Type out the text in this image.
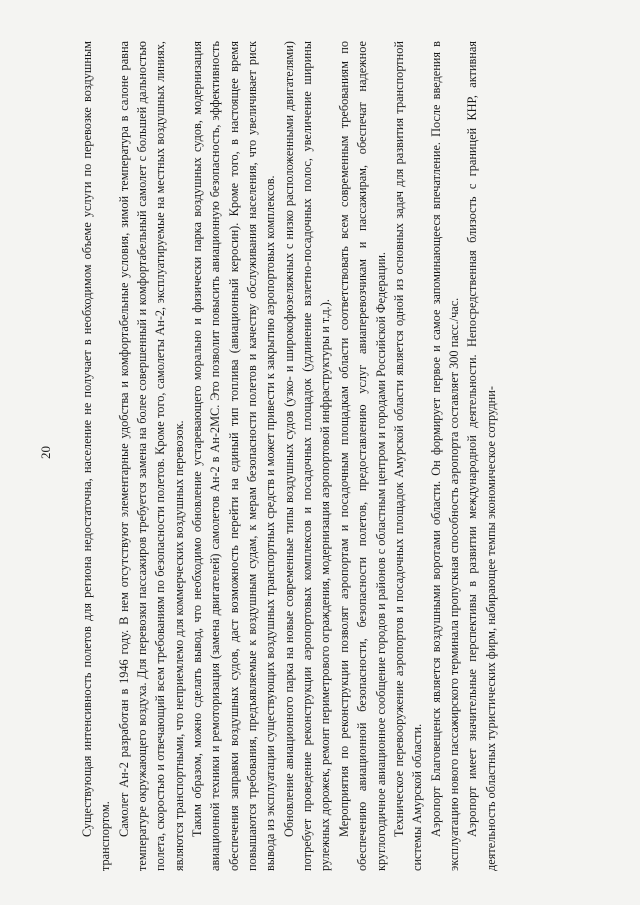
20 Существующая интенсивность полетов для региона недостаточна, население не получает в необходимом объеме услуги по перевозке воздушным транспортом. Самолет Ан-2 разработан в 1946 году. В нем отсутствуют элементарные удобства и комфортабельные условия, зимой температура в салоне равна температуре окружающего воздуха. Для перевозки пассажиров требуется замена на более совершенный и комфортабельный самолет с большей дальностью полета, скоростью и отвечающий всем требованиям по безопасности полетов. Кроме того, самолеты Ан-2, эксплуатируемые на местных воздушных линиях, являются транспортными, что неприемлемо для коммерческих воздушных перевозок. Таким образом, можно сделать вывод, что необходимо обновление устаревающего морально и физически парка воздушных судов, модернизация авиационной техники и ремоторизация (замена двигателей) самолетов Ан-2 в Ан-2МС. Это позволит повысить авиационную безопасность, эффективность обеспечения заправки воздушных судов, даст возможность перейти на единый тип топлива (авиационный керосин). Кроме того, в настоящее время повышаются требования, предъявляемые к воздушным судам, к мерам безопасности полетов и качеству обслуживания населения, что увеличивает риск вывода из эксплуатации существующих воздушных транспортных средств и может привести к закрытию аэропортовых комплексов. Обновление авиационного парка на новые современные типы воздушных судов (узко- и широкофюзеляжных с низко расположенными двигателями) потребует проведение реконструкции аэропортовых комплексов и посадочных площадок (удлинение взлетно-посадочных полос, увеличение ширины рулежных дорожек, ремонт периметрового ограждения, модернизация аэропортовой инфраструктуры и т.д.). Мероприятия по реконструкции позволят аэропортам и посадочным площадкам области соответствовать всем современным требованиям по обеспечению авиационной безопасности, безопасности полетов, предоставлению услуг авиаперевозчикам и пассажирам, обеспечат надежное круглогодичное авиационное сообщение городов и районов с областным центром и городами Российской Федерации. Техническое перевооружение аэропортов и посадочных площадок Амурской области является одной из основных задач для развития транспортной системы Амурской области. Аэропорт Благовещенск является воздушными воротами области. Он формирует первое и самое запоминающееся впечатление. После введения в эксплуатацию нового пассажирского терминала пропускная способность аэропорта составляет 300 пасс./час. Аэропорт имеет значительные перспективы в развитии международной деятельности. Непосредственная близость с границей КНР, активная деятельность областных туристических фирм, набирающее темпы экономическое сотрудни-
